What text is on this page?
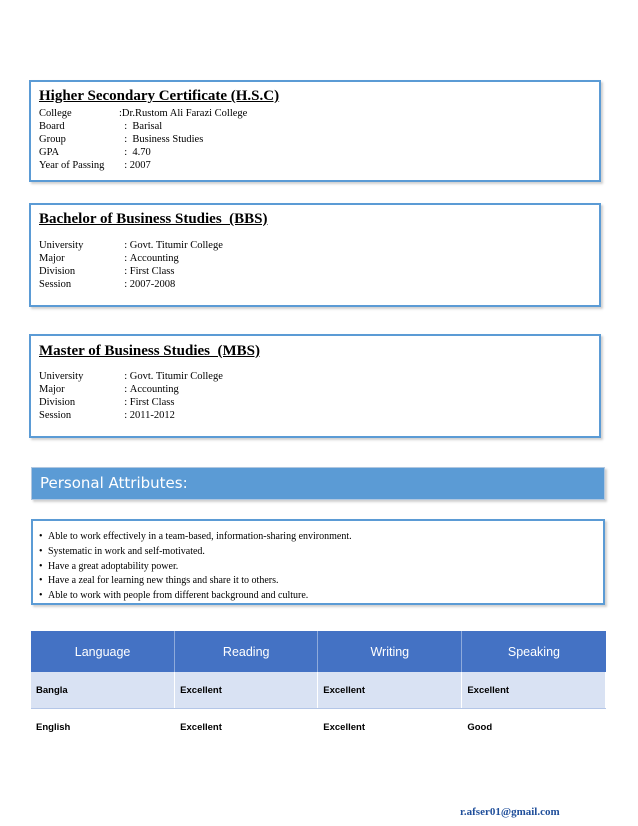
Higher Secondary Certificate (H.S.C)
College	:Dr.Rustom Ali Farazi College
Board	:  Barisal
Group	:  Business Studies
GPA	:  4.70
Year of Passing  : 2007
Bachelor of Business Studies  (BBS)
University	: Govt. Titumir College
Major	: Accounting
Division	: First Class
Session	: 2007-2008
Master of Business Studies  (MBS)
University	: Govt. Titumir College
Major	: Accounting
Division	: First Class
Session	: 2011-2012
Personal Attributes:
• Able to work effectively in a team-based, information-sharing environment.
• Systematic in work and self-motivated.
• Have a great adoptability power.
• Have a zeal for learning new things and share it to others.
• Able to work with people from different background and culture.
Language	Reading	Writing	Speaking
Bangla	Excellent	Excellent	Excellent
English	Excellent	Excellent	Good
r.afser01@gmail.com
